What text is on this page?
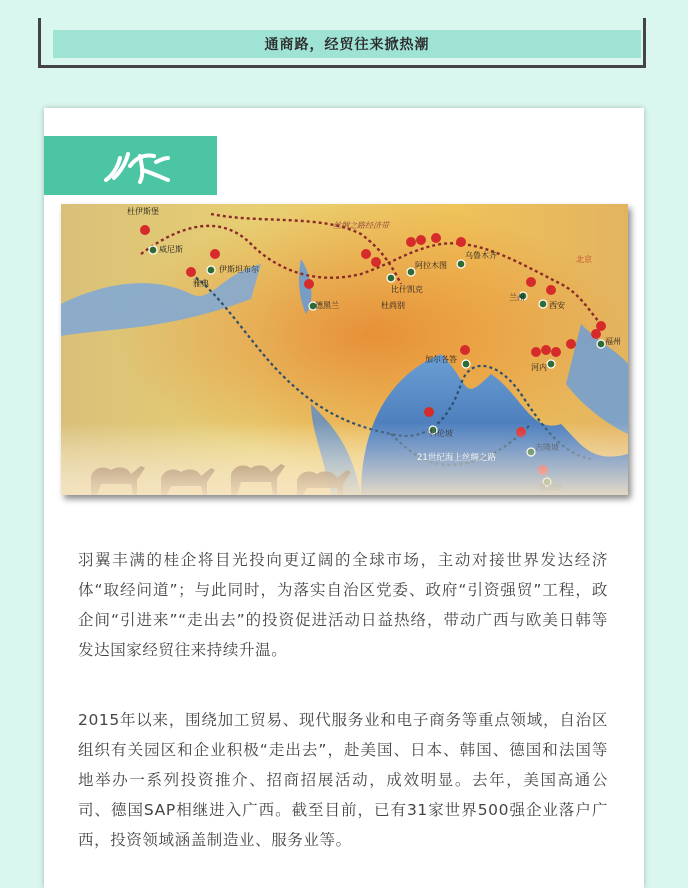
通商路，经贸往来掀热潮
羽翼丰满的桂企将目光投向更辽阔的全球市场，主动对接世界发达经济体“取经问道”；与此同时，为落实自治区党委、政府“引资强贸”工程，政企间“引进来”“走出去”的投资促进活动日益热络，带动广西与欧美日韩等发达国家经贸往来持续升温。
2015年以来，围绕加工贸易、现代服务业和电子商务等重点领域，自治区组织有关园区和企业积极“走出去”，赴美国、日本、韩国、德国和法国等地举办一系列投资推介、招商招展活动，成效明显。去年，美国高通公司、德国SAP相继进入广西。截至目前，已有31家世界500强企业落户广西，投资领域涵盖制造业、服务业等。
